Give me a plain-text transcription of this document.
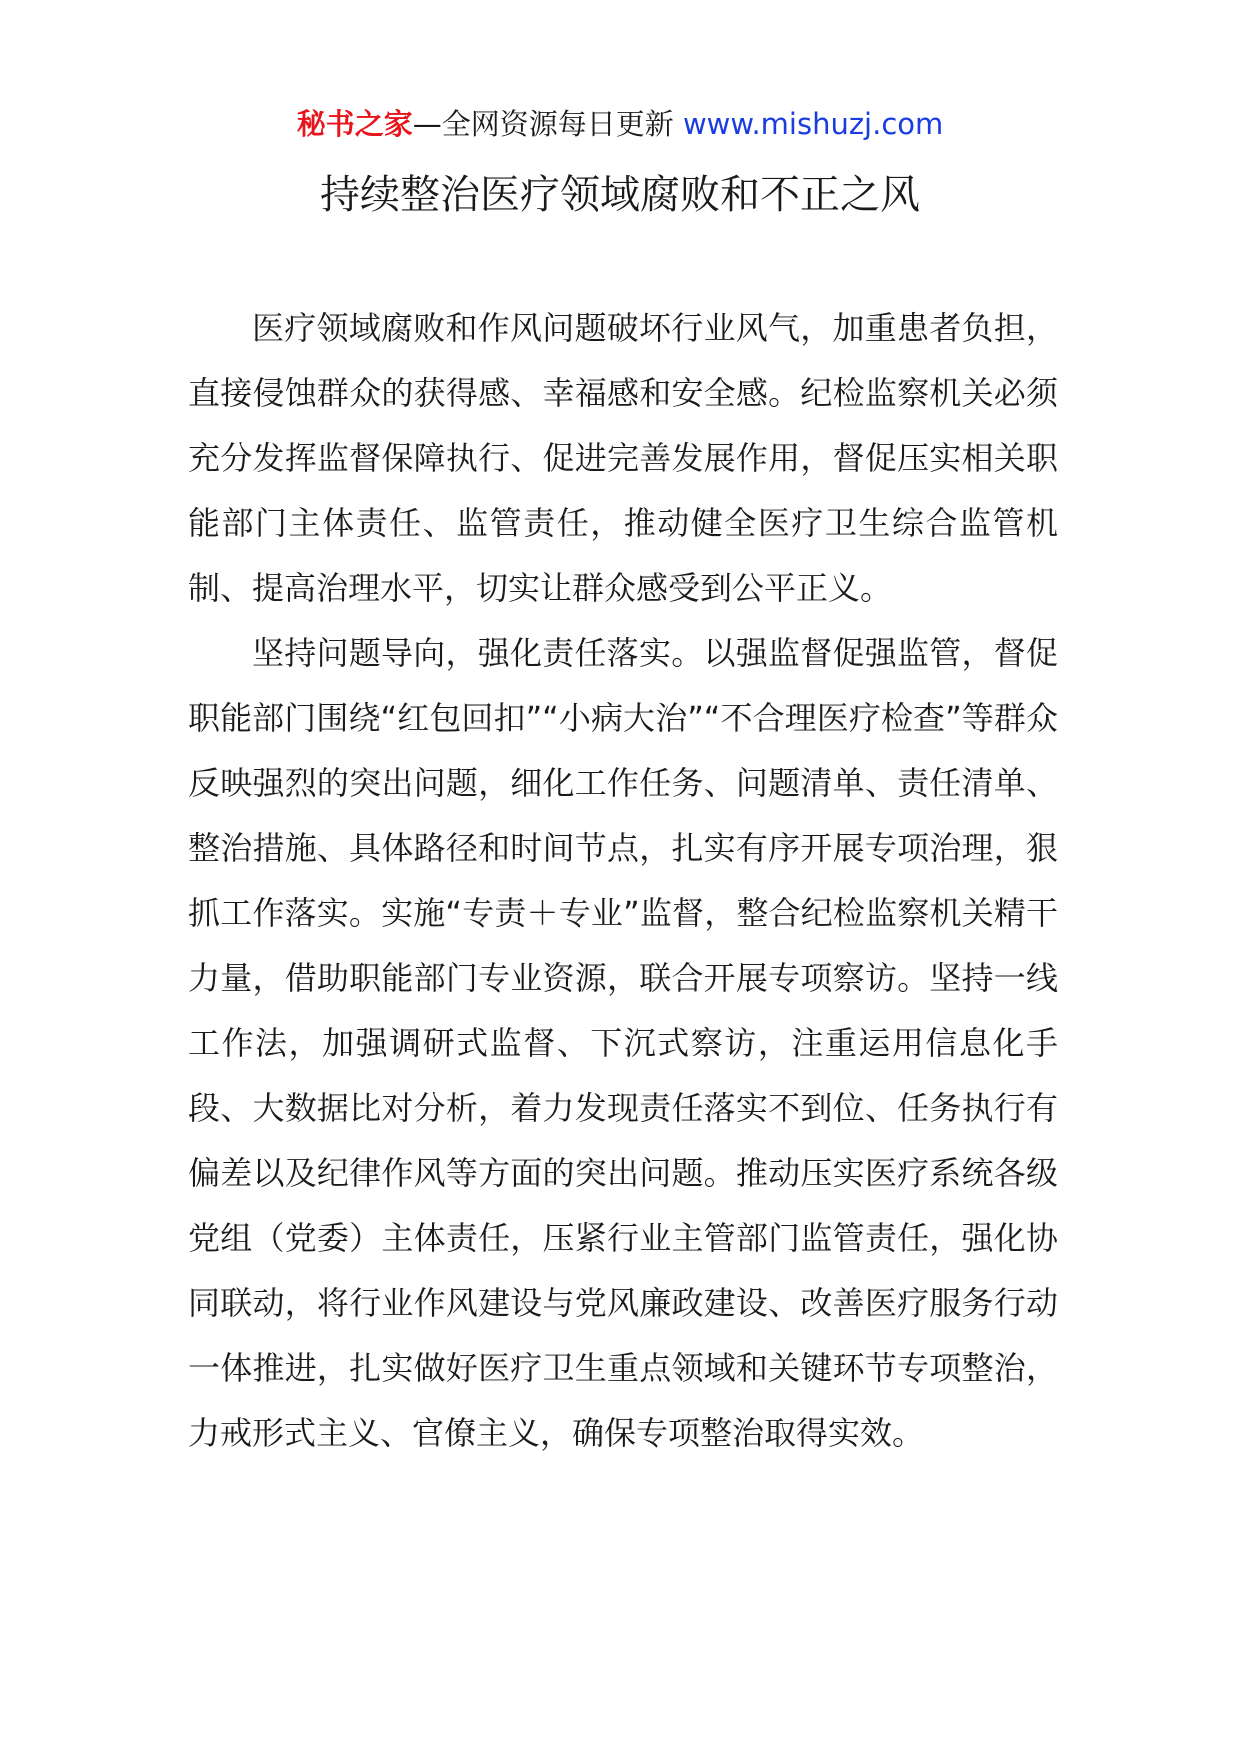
秘书之家—全网资源每日更新 www.mishuzj.com
持续整治医疗领域腐败和不正之风

医疗领域腐败和作风问题破坏行业风气，加重患者负担，直接侵蚀群众的获得感、幸福感和安全感。纪检监察机关必须充分发挥监督保障执行、促进完善发展作用，督促压实相关职能部门主体责任、监管责任，推动健全医疗卫生综合监管机制、提高治理水平，切实让群众感受到公平正义。

坚持问题导向，强化责任落实。以强监督促强监管，督促职能部门围绕“红包回扣”“小病大治”“不合理医疗检查”等群众反映强烈的突出问题，细化工作任务、问题清单、责任清单、整治措施、具体路径和时间节点，扎实有序开展专项治理，狠抓工作落实。实施“专责＋专业”监督，整合纪检监察机关精干力量，借助职能部门专业资源，联合开展专项察访。坚持一线工作法，加强调研式监督、下沉式察访，注重运用信息化手段、大数据比对分析，着力发现责任落实不到位、任务执行有偏差以及纪律作风等方面的突出问题。推动压实医疗系统各级党组（党委）主体责任，压紧行业主管部门监管责任，强化协同联动，将行业作风建设与党风廉政建设、改善医疗服务行动一体推进，扎实做好医疗卫生重点领域和关键环节专项整治，力戒形式主义、官僚主义，确保专项整治取得实效。
